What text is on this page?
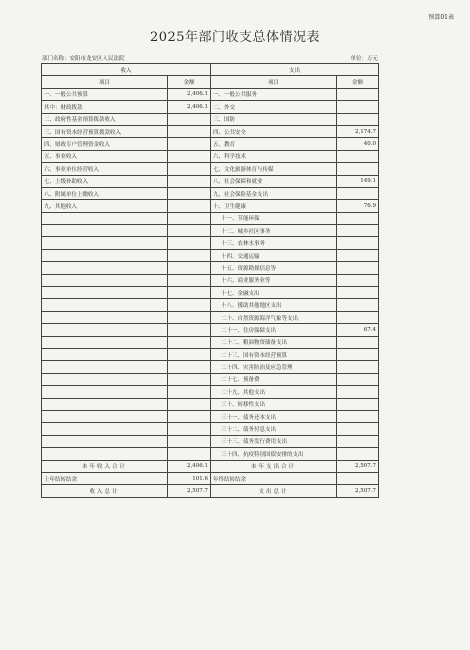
预算01表
2025年部门收支总体情况表
部门名称：安阳市龙安区人民法院	单位：万元
收入		支出	
项目	金额	项目	金额
一、一般公共预算	2,406.1	一、一般公共服务	
其中：财政拨款	2,406.1	二、外交	
二、政府性基金预算拨款收入		三、国防	
三、国有资本经营预算拨款收入		四、公共安全	2,174.7
四、财政专户管理资金收入		五、教育	40.0
五、事业收入		六、科学技术	
六、事业单位经营收入		七、文化旅游体育与传媒	
七、上级补助收入		八、社会保障和就业	149.1
八、附属单位上缴收入		九、社会保险基金支出	
九、其他收入		十、卫生健康	76.9
		十一、节能环保	
		十二、城乡社区事务	
		十三、农林水事务	
		十四、交通运输	
		十五、资源勘探信息等	
		十六、商业服务业等	
		十七、金融支出	
		十八、援助其他地区支出	
		二十、自然资源海洋气象等支出	
		二十一、住房保障支出	67.4
		二十二、粮油物资储备支出	
		二十三、国有资本经营预算	
		二十四、灾害防治及应急管理	
		二十七、预备费	
		二十九、其他支出	
		三十、转移性支出	
		三十一、债务还本支出	
		三十二、债务付息支出	
		三十三、债务发行费用支出	
		三十四、抗疫特别国债安排的支出	
本年收入合计	2,406.1	本年支出合计	2,507.7
上年结转结余	101.6	年终结转结余	
收入总计	2,507.7	支出总计	2,507.7
